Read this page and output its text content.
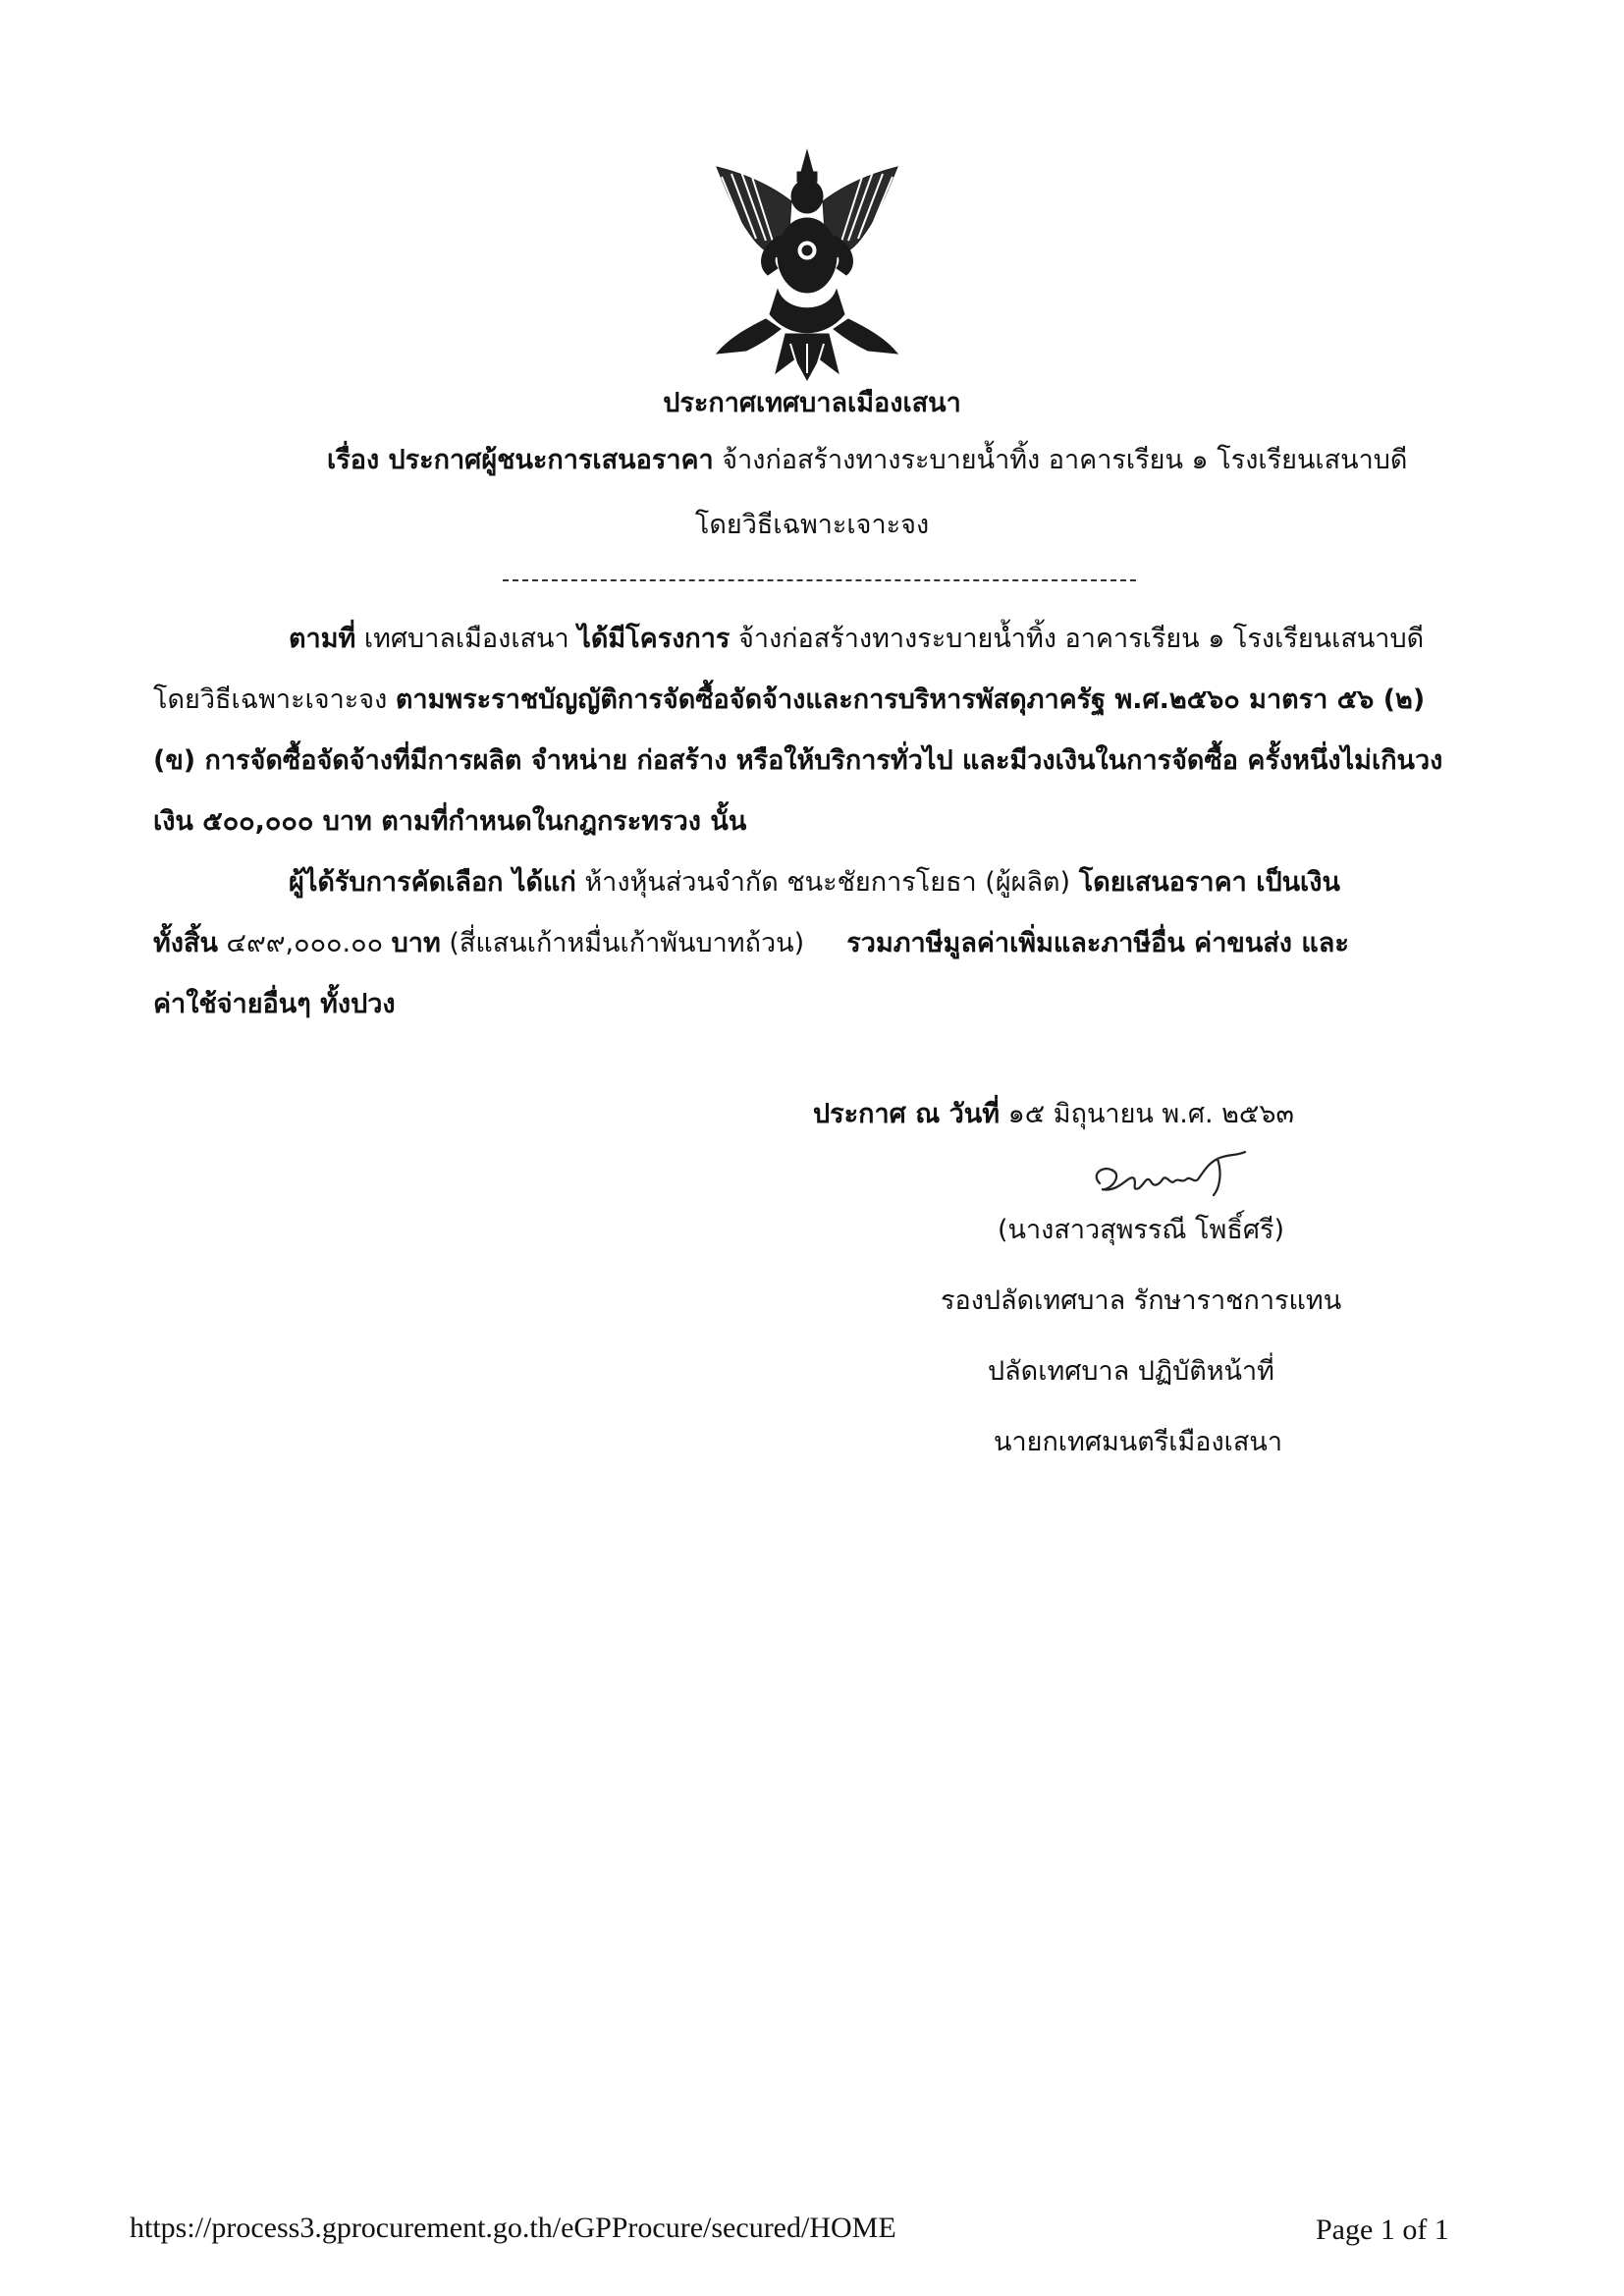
ประกาศเทศบาลเมืองเสนา
เรื่อง ประกาศผู้ชนะการเสนอราคา จ้างก่อสร้างทางระบายน้ำทิ้ง อาคารเรียน ๑ โรงเรียนเสนาบดี
โดยวิธีเฉพาะเจาะจง
ตามที่ เทศบาลเมืองเสนา ได้มีโครงการ จ้างก่อสร้างทางระบายน้ำทิ้ง อาคารเรียน ๑ โรงเรียนเสนาบดี
โดยวิธีเฉพาะเจาะจง ตามพระราชบัญญัติการจัดซื้อจัดจ้างและการบริหารพัสดุภาครัฐ พ.ศ.๒๕๖๐ มาตรา ๕๖ (๒)
(ข) การจัดซื้อจัดจ้างที่มีการผลิต จำหน่าย ก่อสร้าง หรือให้บริการทั่วไป และมีวงเงินในการจัดซื้อ ครั้งหนึ่งไม่เกินวง
เงิน ๕๐๐,๐๐๐ บาท ตามที่กำหนดในกฎกระทรวง นั้น
ผู้ได้รับการคัดเลือก ได้แก่ ห้างหุ้นส่วนจำกัด ชนะชัยการโยธา (ผู้ผลิต) โดยเสนอราคา เป็นเงิน
ทั้งสิ้น ๔๙๙,๐๐๐.๐๐ บาท (สี่แสนเก้าหมื่นเก้าพันบาทถ้วน) รวมภาษีมูลค่าเพิ่มและภาษีอื่น ค่าขนส่ง และ
ค่าใช้จ่ายอื่นๆ ทั้งปวง
ประกาศ ณ วันที่ ๑๕ มิถุนายน พ.ศ. ๒๕๖๓
(นางสาวสุพรรณี โพธิ์ศรี)
รองปลัดเทศบาล รักษาราชการแทน
ปลัดเทศบาล ปฏิบัติหน้าที่
นายกเทศมนตรีเมืองเสนา
https://process3.gprocurement.go.th/eGPProcure/secured/HOME	Page 1 of 1
